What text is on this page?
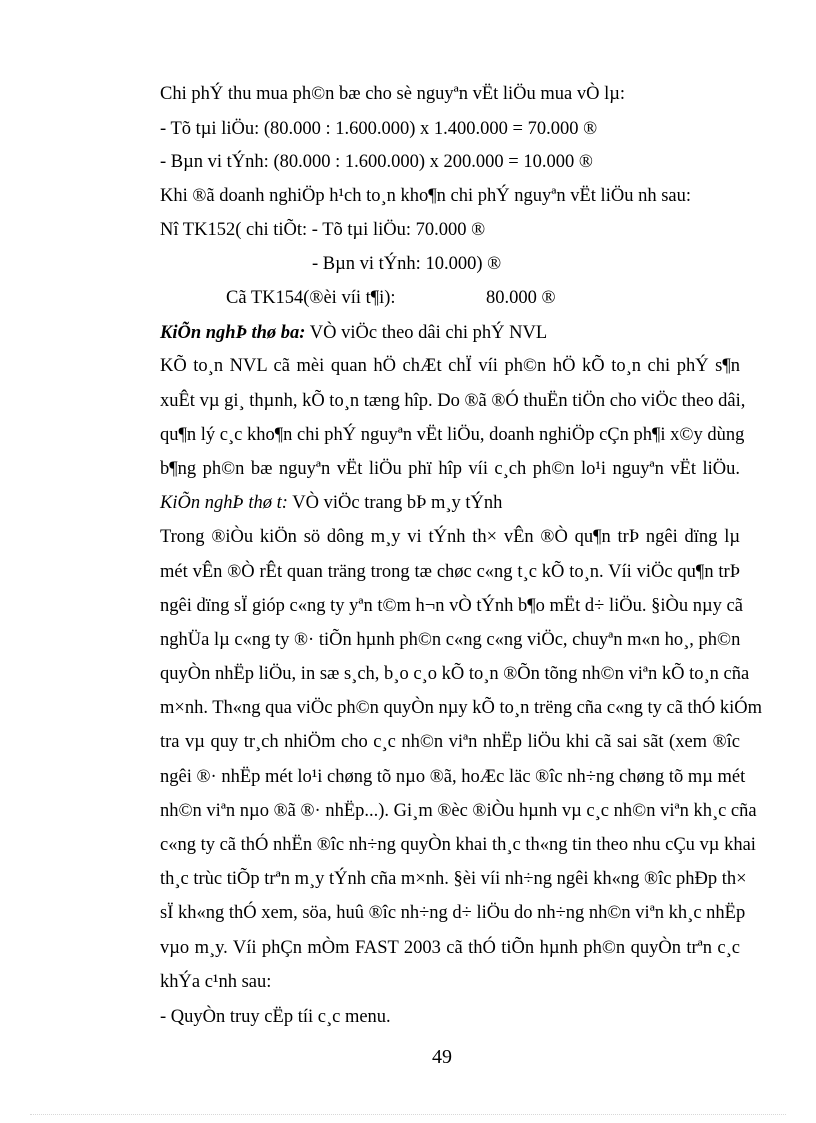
Chi phÝ thu mua ph©n bæ cho sè nguyªn vËt liÖu mua vÒ lµ:
- Tõ tµi liÖu: (80.000 : 1.600.000) x 1.400.000 = 70.000 ®
- Bµn vi tÝnh: (80.000 : 1.600.000) x 200.000 = 10.000 ®
Khi ®ã doanh nghiÖp h¹ch to¸n kho¶n chi phÝ nguyªn vËt liÖu nh sau:
Nî TK152( chi tiÕt: - Tõ tµi liÖu: 70.000 ®
- Bµn vi tÝnh: 10.000) ®
Cã TK154(®èi víi t¶i):	80.000 ®
KiÕn nghÞ thø ba: VÒ viÖc theo dâi chi phÝ NVL
KÕ to¸n NVL cã mèi quan hÖ chÆt chÏ víi ph©n hÖ kÕ to¸n chi phÝ s¶n
xuÊt vµ gi¸ thµnh, kÕ to¸n tæng hîp. Do ®ã ®Ó thuËn tiÖn cho viÖc theo dâi,
qu¶n lý c¸c kho¶n chi phÝ nguyªn vËt liÖu, doanh nghiÖp cÇn ph¶i x©y dùng
b¶ng ph©n bæ nguyªn vËt liÖu phï hîp víi c¸ch ph©n lo¹i nguyªn vËt liÖu.
KiÕn nghÞ thø t: VÒ viÖc trang bÞ m¸y tÝnh
Trong ®iÒu kiÖn sö dông m¸y vi tÝnh th× vÊn ®Ò qu¶n trÞ ngêi dïng lµ
mét vÊn ®Ò rÊt quan träng trong tæ chøc c«ng t¸c kÕ to¸n. Víi viÖc qu¶n trÞ
ngêi dïng sÏ gióp c«ng ty yªn t©m h¬n vÒ tÝnh b¶o mËt d÷ liÖu. §iÒu nµy cã
nghÜa lµ c«ng ty ®· tiÕn hµnh ph©n c«ng c«ng viÖc, chuyªn m«n ho¸, ph©n
quyÒn nhËp liÖu, in sæ s¸ch, b¸o c¸o kÕ to¸n ®Õn tõng nh©n viªn kÕ to¸n cña
m×nh. Th«ng qua viÖc ph©n quyÒn nµy kÕ to¸n trëng cña c«ng ty cã thÓ kiÓm
tra vµ quy tr¸ch nhiÖm cho c¸c nh©n viªn nhËp liÖu khi cã sai sãt (xem ®îc
ngêi ®· nhËp mét lo¹i chøng tõ nµo ®ã, hoÆc läc ®îc nh÷ng chøng tõ mµ mét
nh©n viªn nµo ®ã ®· nhËp...). Gi¸m ®èc ®iÒu hµnh vµ c¸c nh©n viªn kh¸c cña
c«ng ty cã thÓ nhËn ®îc nh÷ng quyÒn khai th¸c th«ng tin theo nhu cÇu vµ khai
th¸c trùc tiÕp trªn m¸y tÝnh cña m×nh. §èi víi nh÷ng ngêi kh«ng ®îc phÐp th×
sÏ kh«ng thÓ xem, söa, huû ®îc nh÷ng d÷ liÖu do nh÷ng nh©n viªn kh¸c nhËp
vµo m¸y. Víi phÇn mÒm FAST 2003 cã thÓ tiÕn hµnh ph©n quyÒn trªn c¸c
khÝa c¹nh sau:
- QuyÒn truy cËp tíi c¸c menu.
49
